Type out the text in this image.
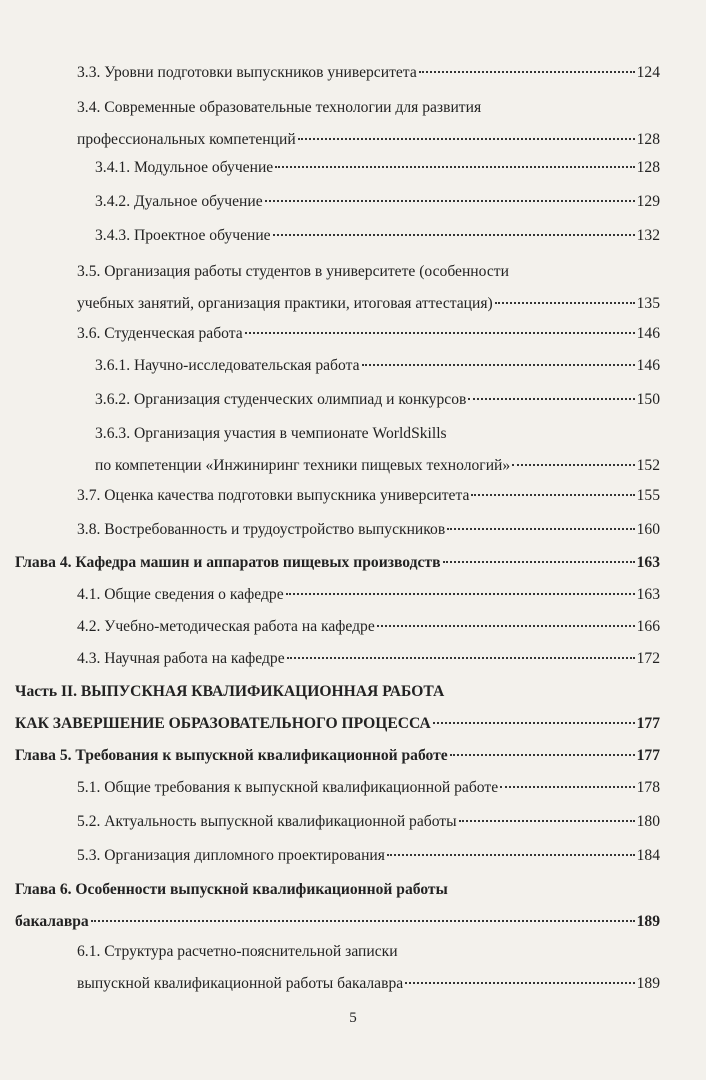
3.3. Уровни подготовки выпускников университета	124
3.4. Современные образовательные технологии для развития
профессиональных компетенций	128
3.4.1. Модульное обучение	128
3.4.2. Дуальное обучение	129
3.4.3. Проектное обучение	132
3.5. Организация работы студентов в университете (особенности
учебных занятий, организация практики, итоговая аттестация)	135
3.6. Студенческая работа	146
3.6.1. Научно-исследовательская работа	146
3.6.2. Организация студенческих олимпиад и конкурсов	150
3.6.3. Организация участия в чемпионате WorldSkills
по компетенции «Инжиниринг техники пищевых технологий»	152
3.7. Оценка качества подготовки выпускника университета	155
3.8. Востребованность и трудоустройство выпускников	160
Глава 4. Кафедра машин и аппаратов пищевых производств	163
4.1. Общие сведения о кафедре	163
4.2. Учебно-методическая работа на кафедре	166
4.3. Научная работа на кафедре	172
Часть II. ВЫПУСКНАЯ КВАЛИФИКАЦИОННАЯ РАБОТА
КАК ЗАВЕРШЕНИЕ ОБРАЗОВАТЕЛЬНОГО ПРОЦЕССА	177
Глава 5. Требования к выпускной квалификационной работе	177
5.1. Общие требования к выпускной квалификационной работе	178
5.2. Актуальность выпускной квалификационной работы	180
5.3. Организация дипломного проектирования	184
Глава 6. Особенности выпускной квалификационной работы
бакалавра	189
6.1. Структура расчетно-пояснительной записки
выпускной квалификационной работы бакалавра	189
5
